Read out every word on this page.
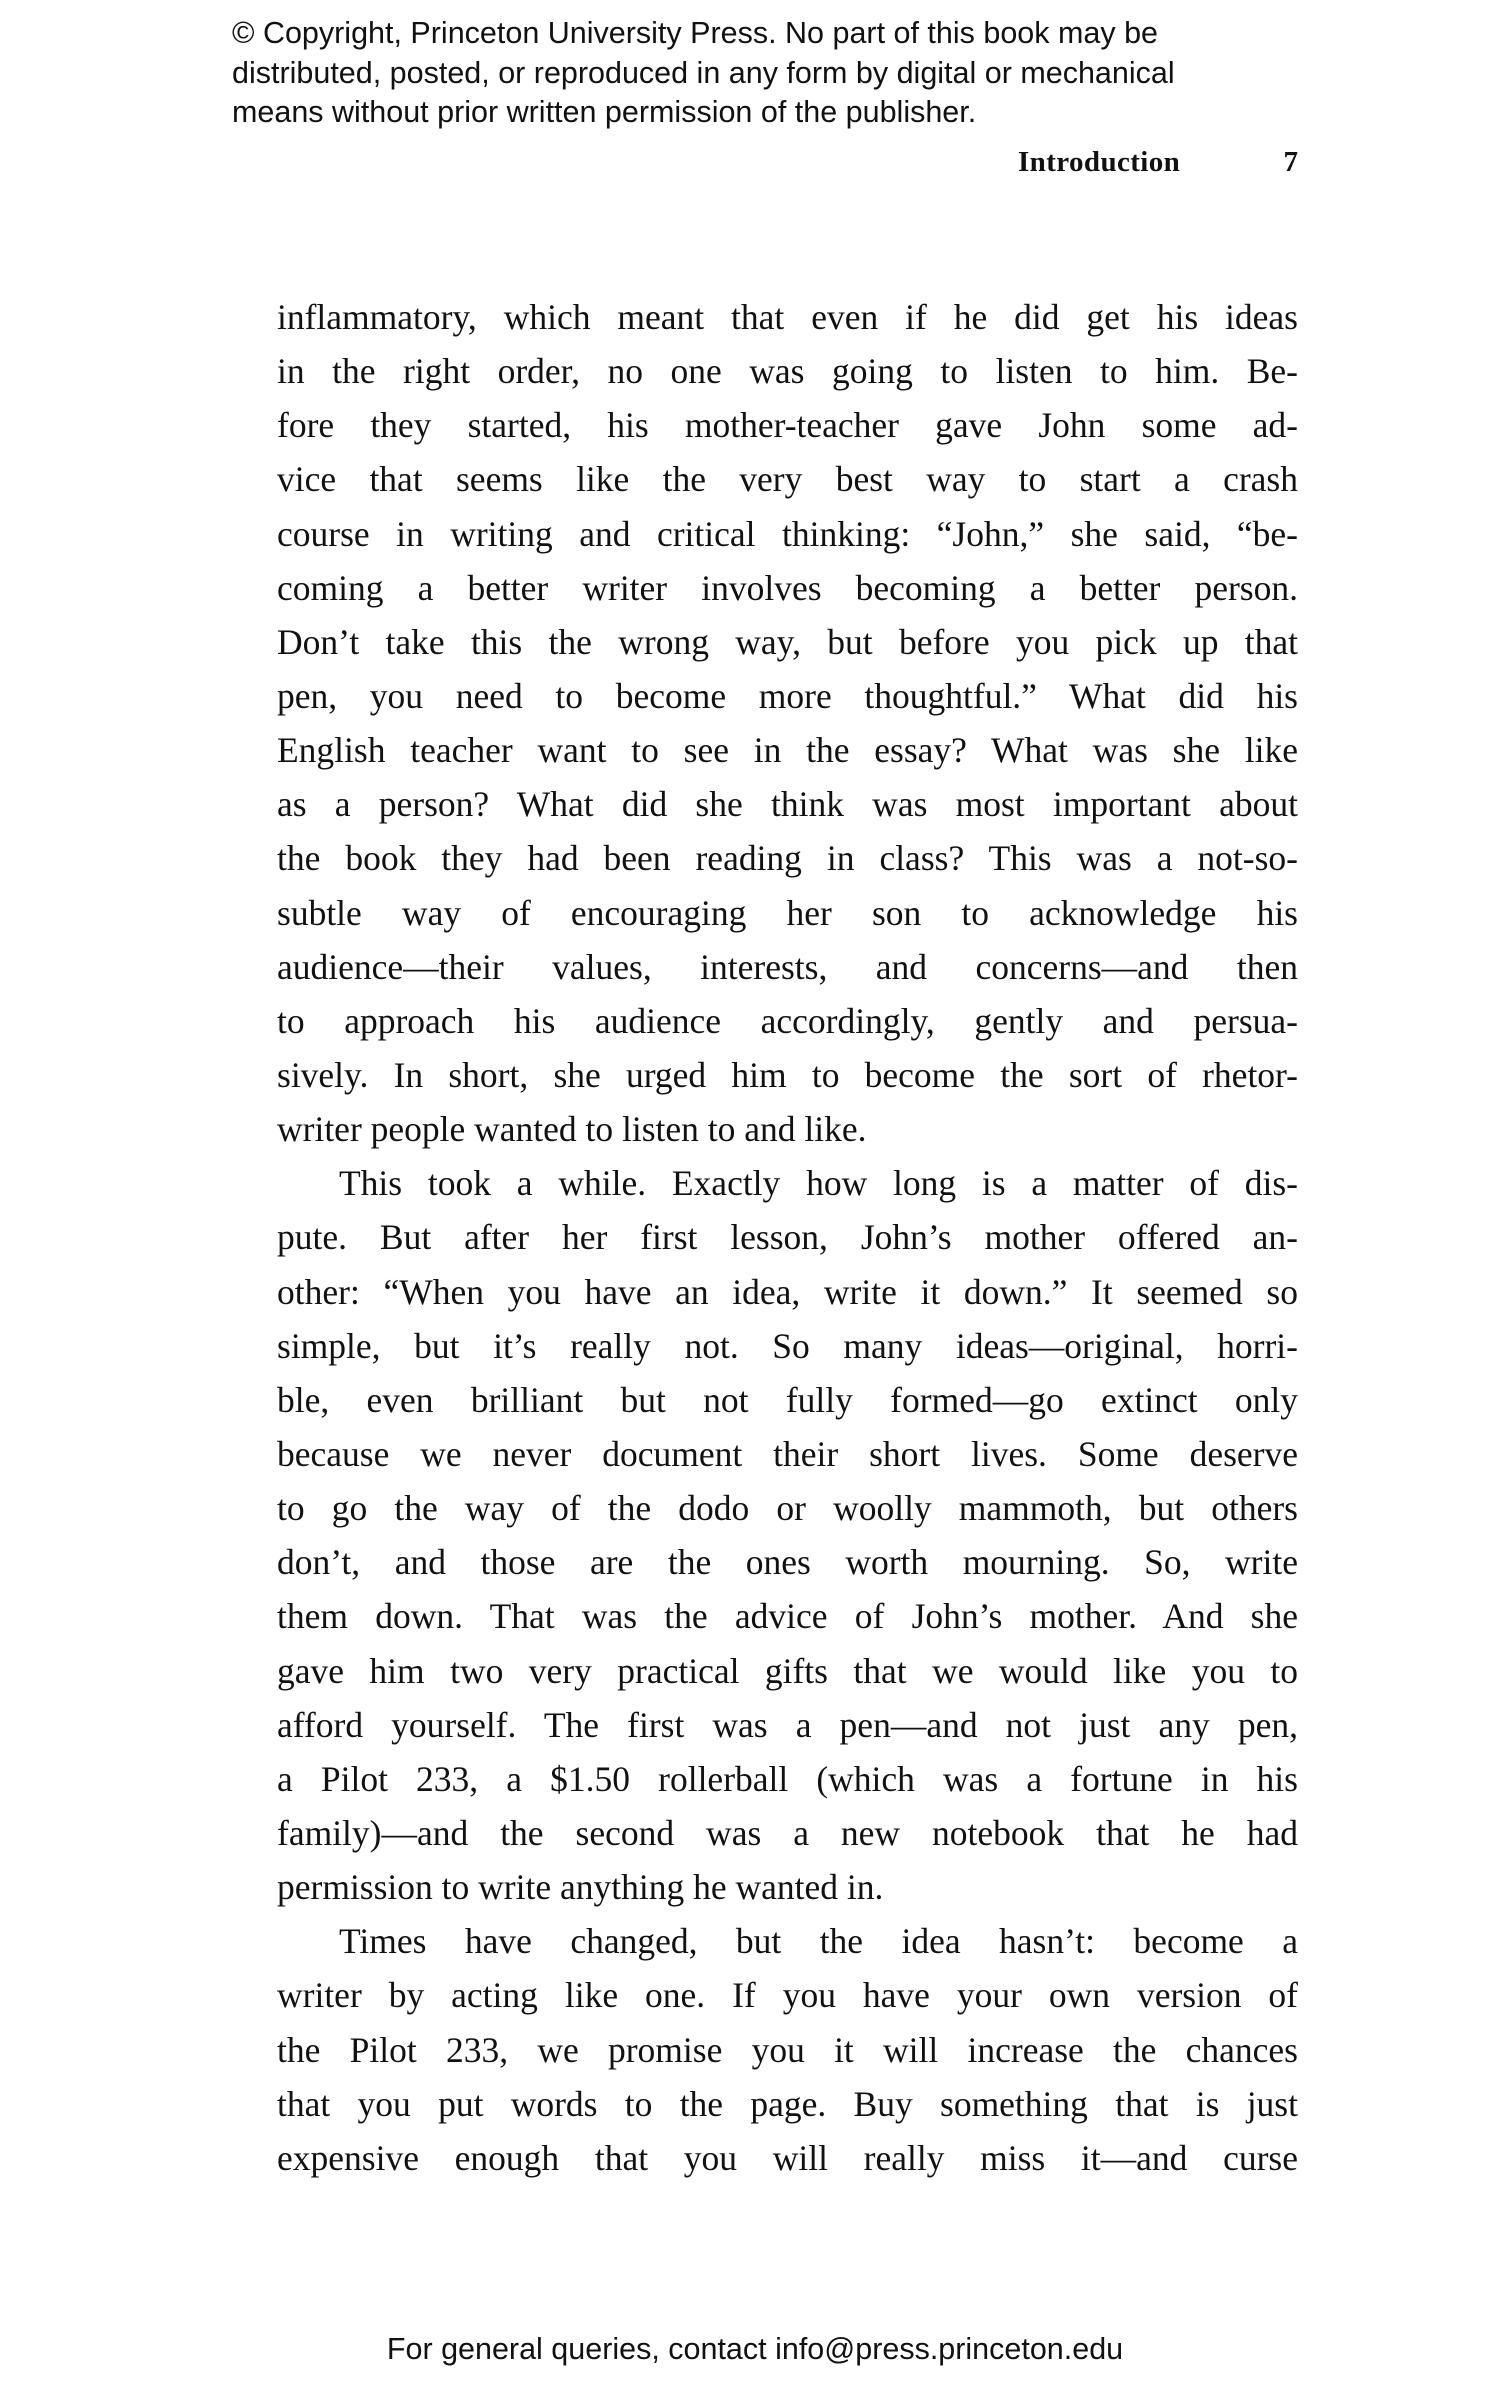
© Copyright, Princeton University Press. No part of this book may be
distributed, posted, or reproduced in any form by digital or mechanical
means without prior written permission of the publisher.
Introduction	7
inflammatory, which meant that even if he did get his ideas
in the right order, no one was going to listen to him. Be-
fore they started, his mother-teacher gave John some ad-
vice that seems like the very best way to start a crash
course in writing and critical thinking: “John,” she said, “be-
coming a better writer involves becoming a better person.
Don’t take this the wrong way, but before you pick up that
pen, you need to become more thoughtful.” What did his
English teacher want to see in the essay? What was she like
as a person? What did she think was most important about
the book they had been reading in class? This was a not-so-
subtle way of encouraging her son to acknowledge his
audience—their values, interests, and concerns—and then
to approach his audience accordingly, gently and persua-
sively. In short, she urged him to become the sort of rhetor-
writer people wanted to listen to and like.
This took a while. Exactly how long is a matter of dis-
pute. But after her first lesson, John’s mother offered an-
other: “When you have an idea, write it down.” It seemed so
simple, but it’s really not. So many ideas—original, horri-
ble, even brilliant but not fully formed—go extinct only
because we never document their short lives. Some deserve
to go the way of the dodo or woolly mammoth, but others
don’t, and those are the ones worth mourning. So, write
them down. That was the advice of John’s mother. And she
gave him two very practical gifts that we would like you to
afford yourself. The first was a pen—and not just any pen,
a Pilot 233, a $1.50 rollerball (which was a fortune in his
family)—and the second was a new notebook that he had
permission to write anything he wanted in.
Times have changed, but the idea hasn’t: become a
writer by acting like one. If you have your own version of
the Pilot 233, we promise you it will increase the chances
that you put words to the page. Buy something that is just
expensive enough that you will really miss it—and curse
For general queries, contact info@press.princeton.edu
